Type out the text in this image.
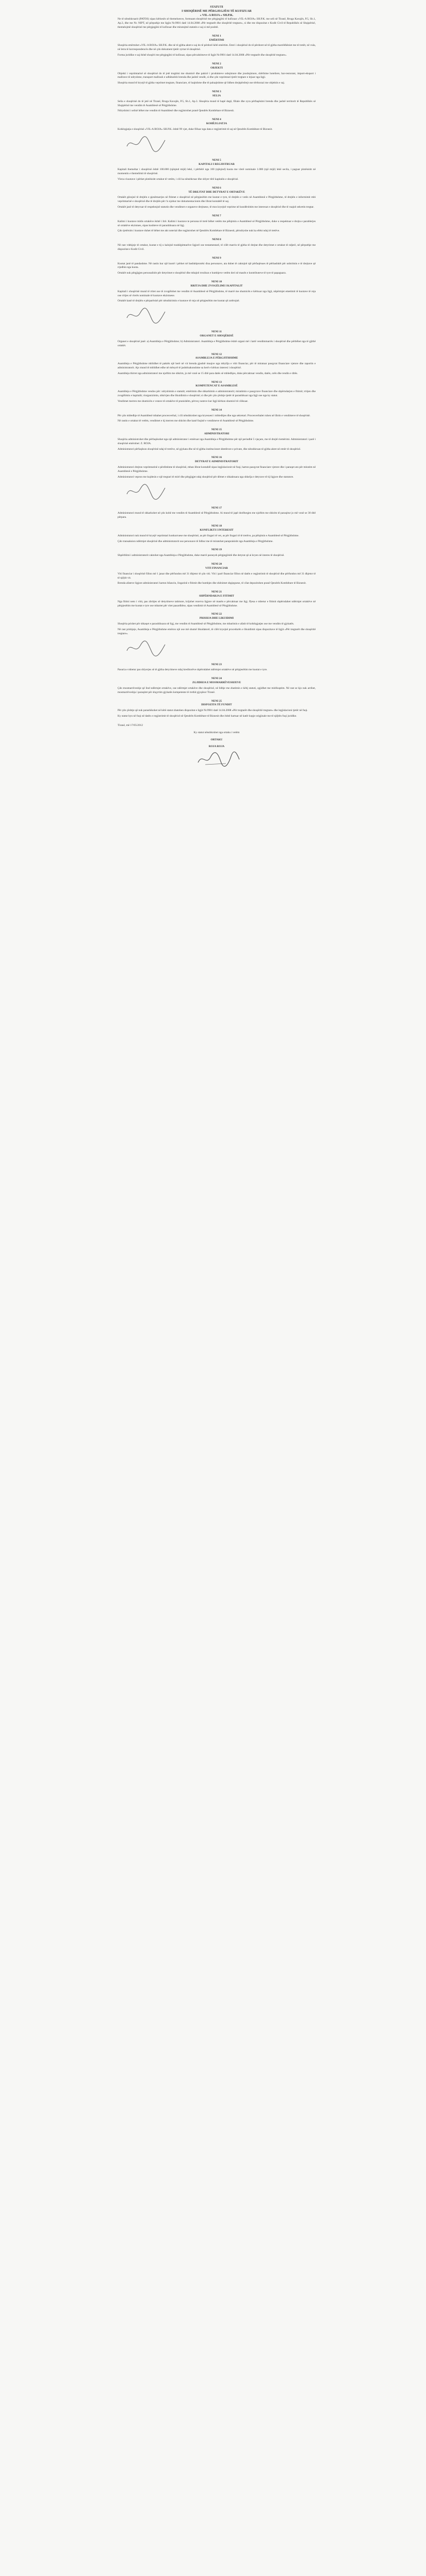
STATUTI
I SHOQËRISË ME PËRGJEGJËSI TË KUFIZUAR
« VIL-A ROJA » SH.P.K.

Ne të nënshkruarit (PATOS) sipas kërkesës së themeluesve, formuam shoqërinë me përgjegjësi të kufizuar «VIL-A ROJA» SH.P.K. me seli në Tiranë, Rruga Kavajës, P.5, Sh.1, Ap.3, dhe me Nr. NIPT, në përputhje me ligjin Nr.9901 datë 14.04.2008 «Për tregtarët dhe shoqëritë tregtare», si dhe me dispozitat e Kodit Civil të Republikës së Shqipërisë, themelojmë shoqërinë me përgjegjësi të kufizuar dhe miratojmë statutin e saj si më poshtë.

NENI 1
EMËRTIMI

Shoqëria emërtohet «VIL-A ROJA» SH.P.K. dhe në të gjitha aktet e saj do të përdorë këtë emërtim. Emri i shoqërisë do të përdoret në të gjitha marrëdhëniet me të tretët, në vula, në letra të korrespondencës dhe në çdo dokument tjetër zyrtar të shoqërisë.

Forma juridike e saj është shoqëri me përgjegjësi të kufizuar, sipas përcaktimeve të ligjit Nr.9901 datë 14.04.2008 «Për tregtarët dhe shoqëritë tregtare».

NENI 2
OBJEKTI

Objekti i veprimtarisë së shoqërisë do të jetë tregtimi me shumicë dhe pakicë i produkteve ushqimore dhe joushqimore, shërbime hoteliere, bar-restorant, import-eksport i mallrave të ndryshme, transport mallrash e udhëtarësh brenda dhe jashtë vendit, si dhe çdo veprimtari tjetër tregtare e lejuar nga ligji.

Shoqëria mund të kryejë të gjitha veprimet tregtare, financiare, të luajtshme dhe të paluajtshme që lidhen drejtpërdrejt ose tërthorazi me objektin e saj.

NENI 3
SELIA

Selia e shoqërisë do të jetë në Tiranë, Rruga Kavajës, P.5, Sh.1, Ap.3. Shoqëria mund të hapë degë, filiale dhe zyra përfaqësimi brenda dhe jashtë territorit të Republikës së Shqipërisë me vendim të Asamblesë së Përgjithshme.

Ndryshimi i selisë bëhet me vendim të Asamblesë dhe regjistrohet pranë Qendrës Kombëtare të Biznesit.

NENI 4
KOHËZGJATJA

Kohëzgjatja e shoqërisë «VIL-A ROJA» SH.P.K. është 99 vjet, duke filluar nga data e regjistrimit të saj në Qendrën Kombëtare të Biznesit.

NENI 5
KAPITALI I REGJISTRUAR

Kapitali themeltar i shoqërisë është 100.000 (njëqind mijë) lekë, i përbërë nga 100 (njëqind) kuota me vlerë nominale 1.000 (një mijë) lekë secila, i paguar plotësisht në momentin e themelimit të shoqërisë.

Vlera e kuotave i përket plotësisht ortakut të vetëm, i cili ka nënshkruar dhe shlyer tërë kapitalin e shoqërisë.

NENI 6
TË DREJTAT DHE DETYRAT E ORTAKËVE

Ortakët gëzojnë të drejtën e pjesëmarrjes në fitimet e shoqërisë në përpjesëtim me kuotat e tyre, të drejtën e votës në Asamblenë e Përgjithshme, të drejtën e informimit mbi veprimtarinë e shoqërisë dhe të drejtën për t'u njohur me dokumentacionin dhe librat kontabël të saj.

Ortakët janë të detyruar të respektojnë statutin dhe vendimet e organeve drejtuese, të mos kryejnë veprime në kundërshtim me interesat e shoqërisë dhe të ruajnë sekretin tregtar.

NENI 7

Kalimi i kuotave midis ortakëve është i lirë. Kalimi i kuotave te persona të tretë bëhet vetëm me pëlqimin e Asamblesë së Përgjithshme, duke u respektuar e drejta e parablerjes së ortakëve ekzistues, sipas kushteve të parashikuara në ligj.

Çdo tjetërsim i kuotave duhet të bëhet me akt noterial dhe regjistrohet në Qendrën Kombëtare të Biznesit, përndryshe nuk ka efekt ndaj të tretëve.

NENI 8

Në rast vdekjeje të ortakut, kuotat e tij u kalojnë trashëgimtarëve ligjorë ose testamentarë, të cilët marrin të gjitha të drejtat dhe detyrimet e ortakut të ndjerë, në përputhje me dispozitat e Kodit Civil.

NENI 9

Kuotat janë të pandashme. Në rastin kur një kuotë i përket në bashkëpronësi disa personave, ata duhet të caktojnë një përfaqësues të përbashkët për ushtrimin e të drejtave që rrjedhin nga kuota.

Ortakët nuk përgjigjen personalisht për detyrimet e shoqërisë dhe mbajnë rrezikun e humbjeve vetëm deri në masën e kontributeve të tyre të papaguara.

NENI 10
RRITJA DHE ZVOGËLIMI I KAPITALIT

Kapitali i shoqërisë mund të rritet ose të zvogëlohet me vendim të Asamblesë së Përgjithshme, të marrë me shumicën e kërkuar nga ligji, nëpërmjet emetimit të kuotave të reja ose rritjes së vlerës nominale të kuotave ekzistuese.

Ortakët kanë të drejtën e përparësisë për nënshkrimin e kuotave të reja në përpjesëtim me kuotat që zotërojnë.

NENI 11
ORGANET E SHOQËRISË

Organet e shoqërisë janë: a) Asambleja e Përgjithshme; b) Administratori. Asambleja e Përgjithshme është organi më i lartë vendimmarrës i shoqërisë dhe përbëhet nga të gjithë ortakët.

NENI 12
ASAMBLEJA E PËRGJITHSHME

Asambleja e Përgjithshme mblidhet të paktën një herë në vit brenda gjashtë muajve nga mbyllja e vitit financiar, për të miratuar pasqyrat financiare vjetore dhe raportin e administratorit. Ajo mund të mblidhet edhe në mënyrë të jashtëzakonshme sa herë e kërkon interesi i shoqërisë.

Asambleja thirret nga administratori me njoftim me shkrim, jo më vonë se 15 ditë para datës së mbledhjes, duke përcaktuar vendin, datën, orën dhe rendin e ditës.

NENI 13
KOMPETENCAT E ASAMBLESË

Asambleja e Përgjithshme vendos për: ndryshimin e statutit; emërimin dhe shkarkimin e administratorit; miratimin e pasqyrave financiare dhe shpërndarjen e fitimit; rritjen dhe zvogëlimin e kapitalit; riorganizimin, shkrirjen dhe likuidimin e shoqërisë; si dhe për çdo çështje tjetër të parashikuar nga ligji ose nga ky statut.

Vendimet merren me shumicën e votave të ortakëve të pranishëm, përveç rasteve kur ligji kërkon shumicë të cilësuar.

NENI 14

Për çdo mbledhje të Asamblesë mbahet procesverbal, i cili nënshkruhet nga kryesuesi i mbledhjes dhe nga sekretari. Procesverbalet ruhen në librin e vendimeve të shoqërisë.

Në rastin e ortakut të vetëm, vendimet e tij merren me shkrim dhe kanë fuqinë e vendimeve të Asamblesë së Përgjithshme.

NENI 15
ADMINISTRATORI

Shoqëria administrohet dhe përfaqësohet nga një administrator i emëruar nga Asambleja e Përgjithshme për një periudhë 5 vjeçare, me të drejtë riemërimi. Administratori i parë i shoqërisë emërohet: Z. ROJA.

Administratori përfaqëson shoqërinë ndaj të tretëve, në gjykata dhe në të gjitha institucionet shtetërore e private, dhe nënshkruan të gjitha aktet në emër të shoqërisë.

NENI 16
DETYRAT E ADMINISTRATORIT

Administratori drejton veprimtarinë e përditshme të shoqërisë, mban librat kontabël sipas legjislacionit në fuqi, harton pasqyrat financiare vjetore dhe i paraqet ato për miratim në Asamblenë e Përgjithshme.

Administratori vepron me kujdesin e një tregtari të mirë dhe përgjigjet ndaj shoqërisë për dëmet e shkaktuara nga shkelja e detyrave të tij ligjore dhe statutore.

NENI 17

Administratori mund të shkarkohet në çdo kohë me vendim të Asamblesë së Përgjithshme. Ai mund të japë dorëheqjen me njoftim me shkrim të paraqitur jo më vonë se 30 ditë përpara.

NENI 18
KONFLIKTI I INTERESIT

Administratori nuk mund të kryejë veprimtari konkurruese me shoqërinë, as për llogari të vet, as për llogari të të tretëve, pa pëlqimin e Asamblesë së Përgjithshme.

Çdo transaksion ndërmjet shoqërisë dhe administratorit ose personave të lidhur me të miratohet paraprakisht nga Asambleja e Përgjithshme.

NENI 19

Shpërblimi i administratorit caktohet nga Asambleja e Përgjithshme, duke marrë parasysh përgjegjësitë dhe detyrat që ai kryen në interes të shoqërisë.

NENI 20
VITI FINANCIAR

Viti financiar i shoqërisë fillon më 1 janar dhe përfundon më 31 dhjetor të çdo viti. Viti i parë financiar fillon në datën e regjistrimit të shoqërisë dhe përfundon më 31 dhjetor të të njëjtit vit.

Brenda afateve ligjore administratori harton bilancin, llogarinë e fitimit dhe humbjes dhe shënimet shpjeguese, të cilat depozitohen pranë Qendrës Kombëtare të Biznesit.

NENI 21
SHPËRNDARJA E FITIMIT

Nga fitimi neto i vitit, pas zbritjes së detyrimeve tatimore, krijohet rezerva ligjore në masën e përcaktuar me ligj. Pjesa e mbetur e fitimit shpërndahet ndërmjet ortakëve në përpjesëtim me kuotat e tyre ose mbartet për vitet pasardhëse, sipas vendimit të Asamblesë së Përgjithshme.

NENI 22
PRISHJA DHE LIKUIDIMI

Shoqëria prishet për shkaqet e parashikuara në ligj, me vendim të Asamblesë së Përgjithshme, me mbarimin e afatit të kohëzgjatjes ose me vendim të gjykatës.

Në rast prishjeje, Asambleja e Përgjithshme emëron një ose më shumë likuidatorë, të cilët kryejnë procedurën e likuidimit sipas dispozitave të ligjit «Për tregtarët dhe shoqëritë tregtare».

NENI 23

Pasuria e mbetur pas shlyerjes së të gjitha detyrimeve ndaj kreditorëve shpërndahet ndërmjet ortakëve në përpjesëtim me kuotat e tyre.

NENI 24
ZGJIDHJA E MOSMARRËVESHJEVE

Çdo mosmarrëveshje që lind ndërmjet ortakëve, ose ndërmjet ortakëve dhe shoqërisë, në lidhje me zbatimin e këtij statuti, zgjidhet me mirëkuptim. Në rast se kjo nuk arrihet, mosmarrëveshja i paraqitet për shqyrtim gjykatës kompetente të rrethit gjyqësor Tiranë.

NENI 25
DISPOZITA TË FUNDIT

Për çdo çështje që nuk parashikohet në këtë statut zbatohen dispozitat e ligjit Nr.9901 datë 14.04.2008 «Për tregtarët dhe shoqëritë tregtare» dhe legjislacioni tjetër në fuqi.

Ky statut hyn në fuqi në datën e regjistrimit të shoqërisë në Qendrën Kombëtare të Biznesit dhe është hartuar në katër kopje origjinale me të njëjtën fuqi juridike.

Tiranë, më 17/05/2012
Ky statut nënshkruhet nga ortaku i vetëm
ORTAKU
ROJA ROJA
